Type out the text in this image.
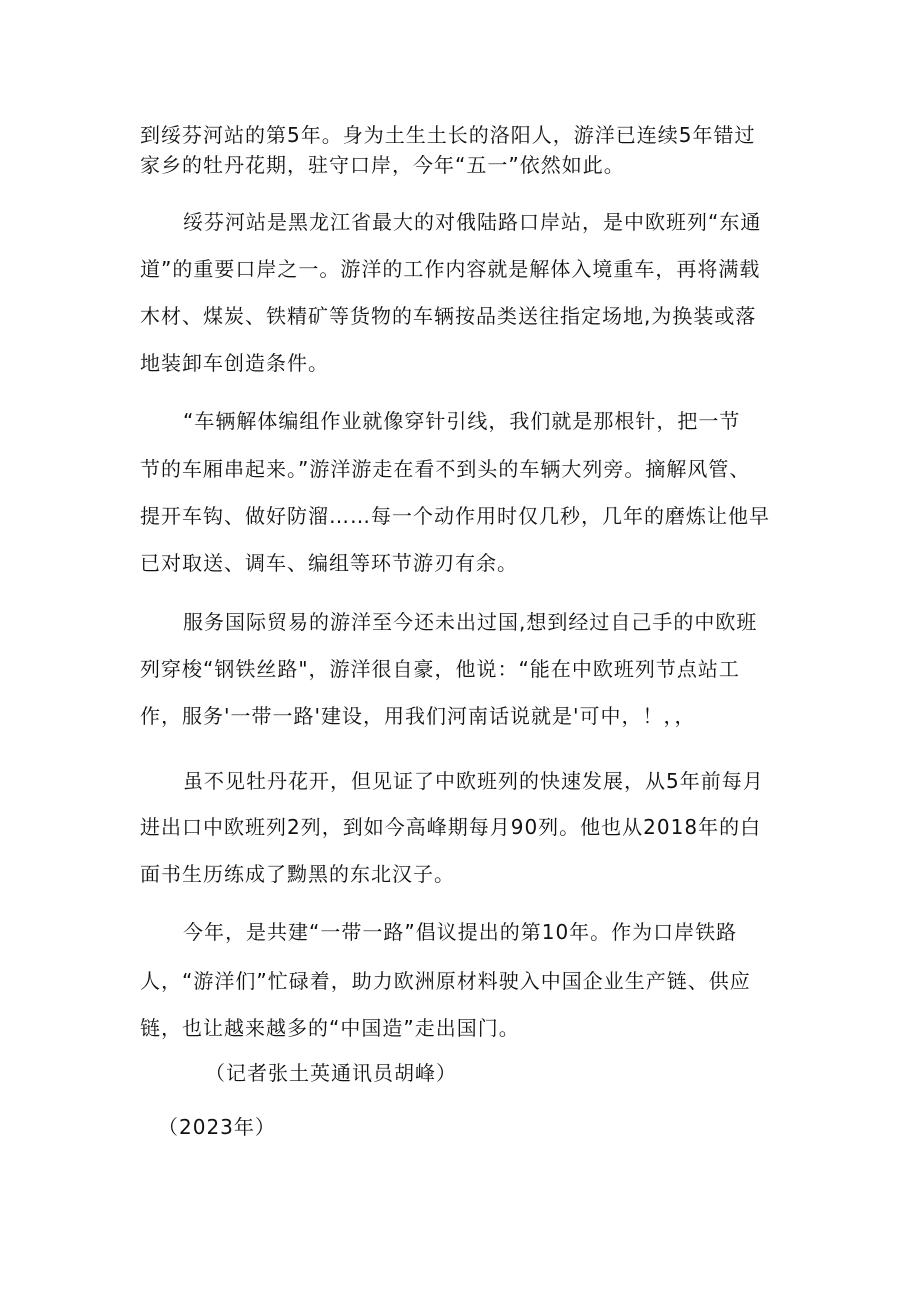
到绥芬河站的第5年。身为土生土长的洛阳人，游洋已连续5年错过
家乡的牡丹花期，驻守口岸，今年“五一”依然如此。
绥芬河站是黑龙江省最大的对俄陆路口岸站，是中欧班列“东通
道”的重要口岸之一。游洋的工作内容就是解体入境重车，再将满载
木材、煤炭、铁精矿等货物的车辆按品类送往指定场地,为换装或落
地装卸车创造条件。
“车辆解体编组作业就像穿针引线，我们就是那根针，把一节
节的车厢串起来。”游洋游走在看不到头的车辆大列旁。摘解风管、
提开车钩、做好防溜……每一个动作用时仅几秒，几年的磨炼让他早
已对取送、调车、编组等环节游刃有余。
服务国际贸易的游洋至今还未出过国,想到经过自己手的中欧班
列穿梭“钢铁丝路"，游洋很自豪，他说：“能在中欧班列节点站工
作，服务'一带一路'建设，用我们河南话说就是'可中，！，，
虽不见牡丹花开，但见证了中欧班列的快速发展，从5年前每月
进出口中欧班列2列，到如今高峰期每月90列。他也从2018年的白
面书生历练成了黝黑的东北汉子。
今年，是共建“一带一路”倡议提出的第10年。作为口岸铁路
人，“游洋们”忙碌着，助力欧洲原材料驶入中国企业生产链、供应
链，也让越来越多的“中国造”走出国门。
（记者张土英通讯员胡峰）
（2023年）
